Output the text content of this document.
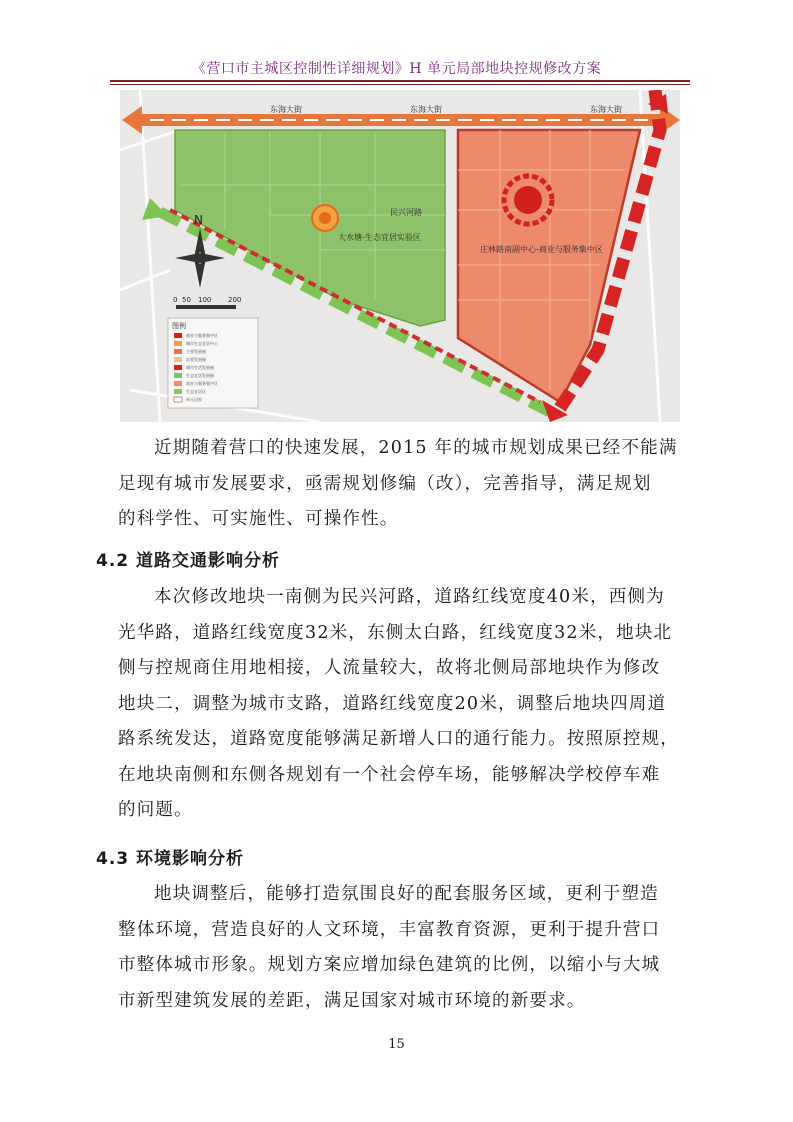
《营口市主城区控制性详细规划》H 单元局部地块控规修改方案
东海大街	东海大街	东海大街
民兴河路
大水塘-生态宜居实验区
庄林路南副中心-商业与服务集中区
N
0 50 100 200
图例
商业与服务集中区
城市生态宜居中心
主要发展轴
次要发展轴
城市生活发展轴
生态宜居发展轴
商业与服务集中区
生态宜居区
单元边界
近期随着营口的快速发展，2015 年的城市规划成果已经不能满
足现有城市发展要求，亟需规划修编（改），完善指导，满足规划
的科学性、可实施性、可操作性。
4.2 道路交通影响分析
本次修改地块一南侧为民兴河路，道路红线宽度40米，西侧为
光华路，道路红线宽度32米，东侧太白路，红线宽度32米，地块北
侧与控规商住用地相接，人流量较大，故将北侧局部地块作为修改
地块二，调整为城市支路，道路红线宽度20米，调整后地块四周道
路系统发达，道路宽度能够满足新增人口的通行能力。按照原控规，
在地块南侧和东侧各规划有一个社会停车场，能够解决学校停车难
的问题。
4.3 环境影响分析
地块调整后，能够打造氛围良好的配套服务区域，更利于塑造
整体环境，营造良好的人文环境，丰富教育资源，更利于提升营口
市整体城市形象。规划方案应增加绿色建筑的比例，以缩小与大城
市新型建筑发展的差距，满足国家对城市环境的新要求。
15
